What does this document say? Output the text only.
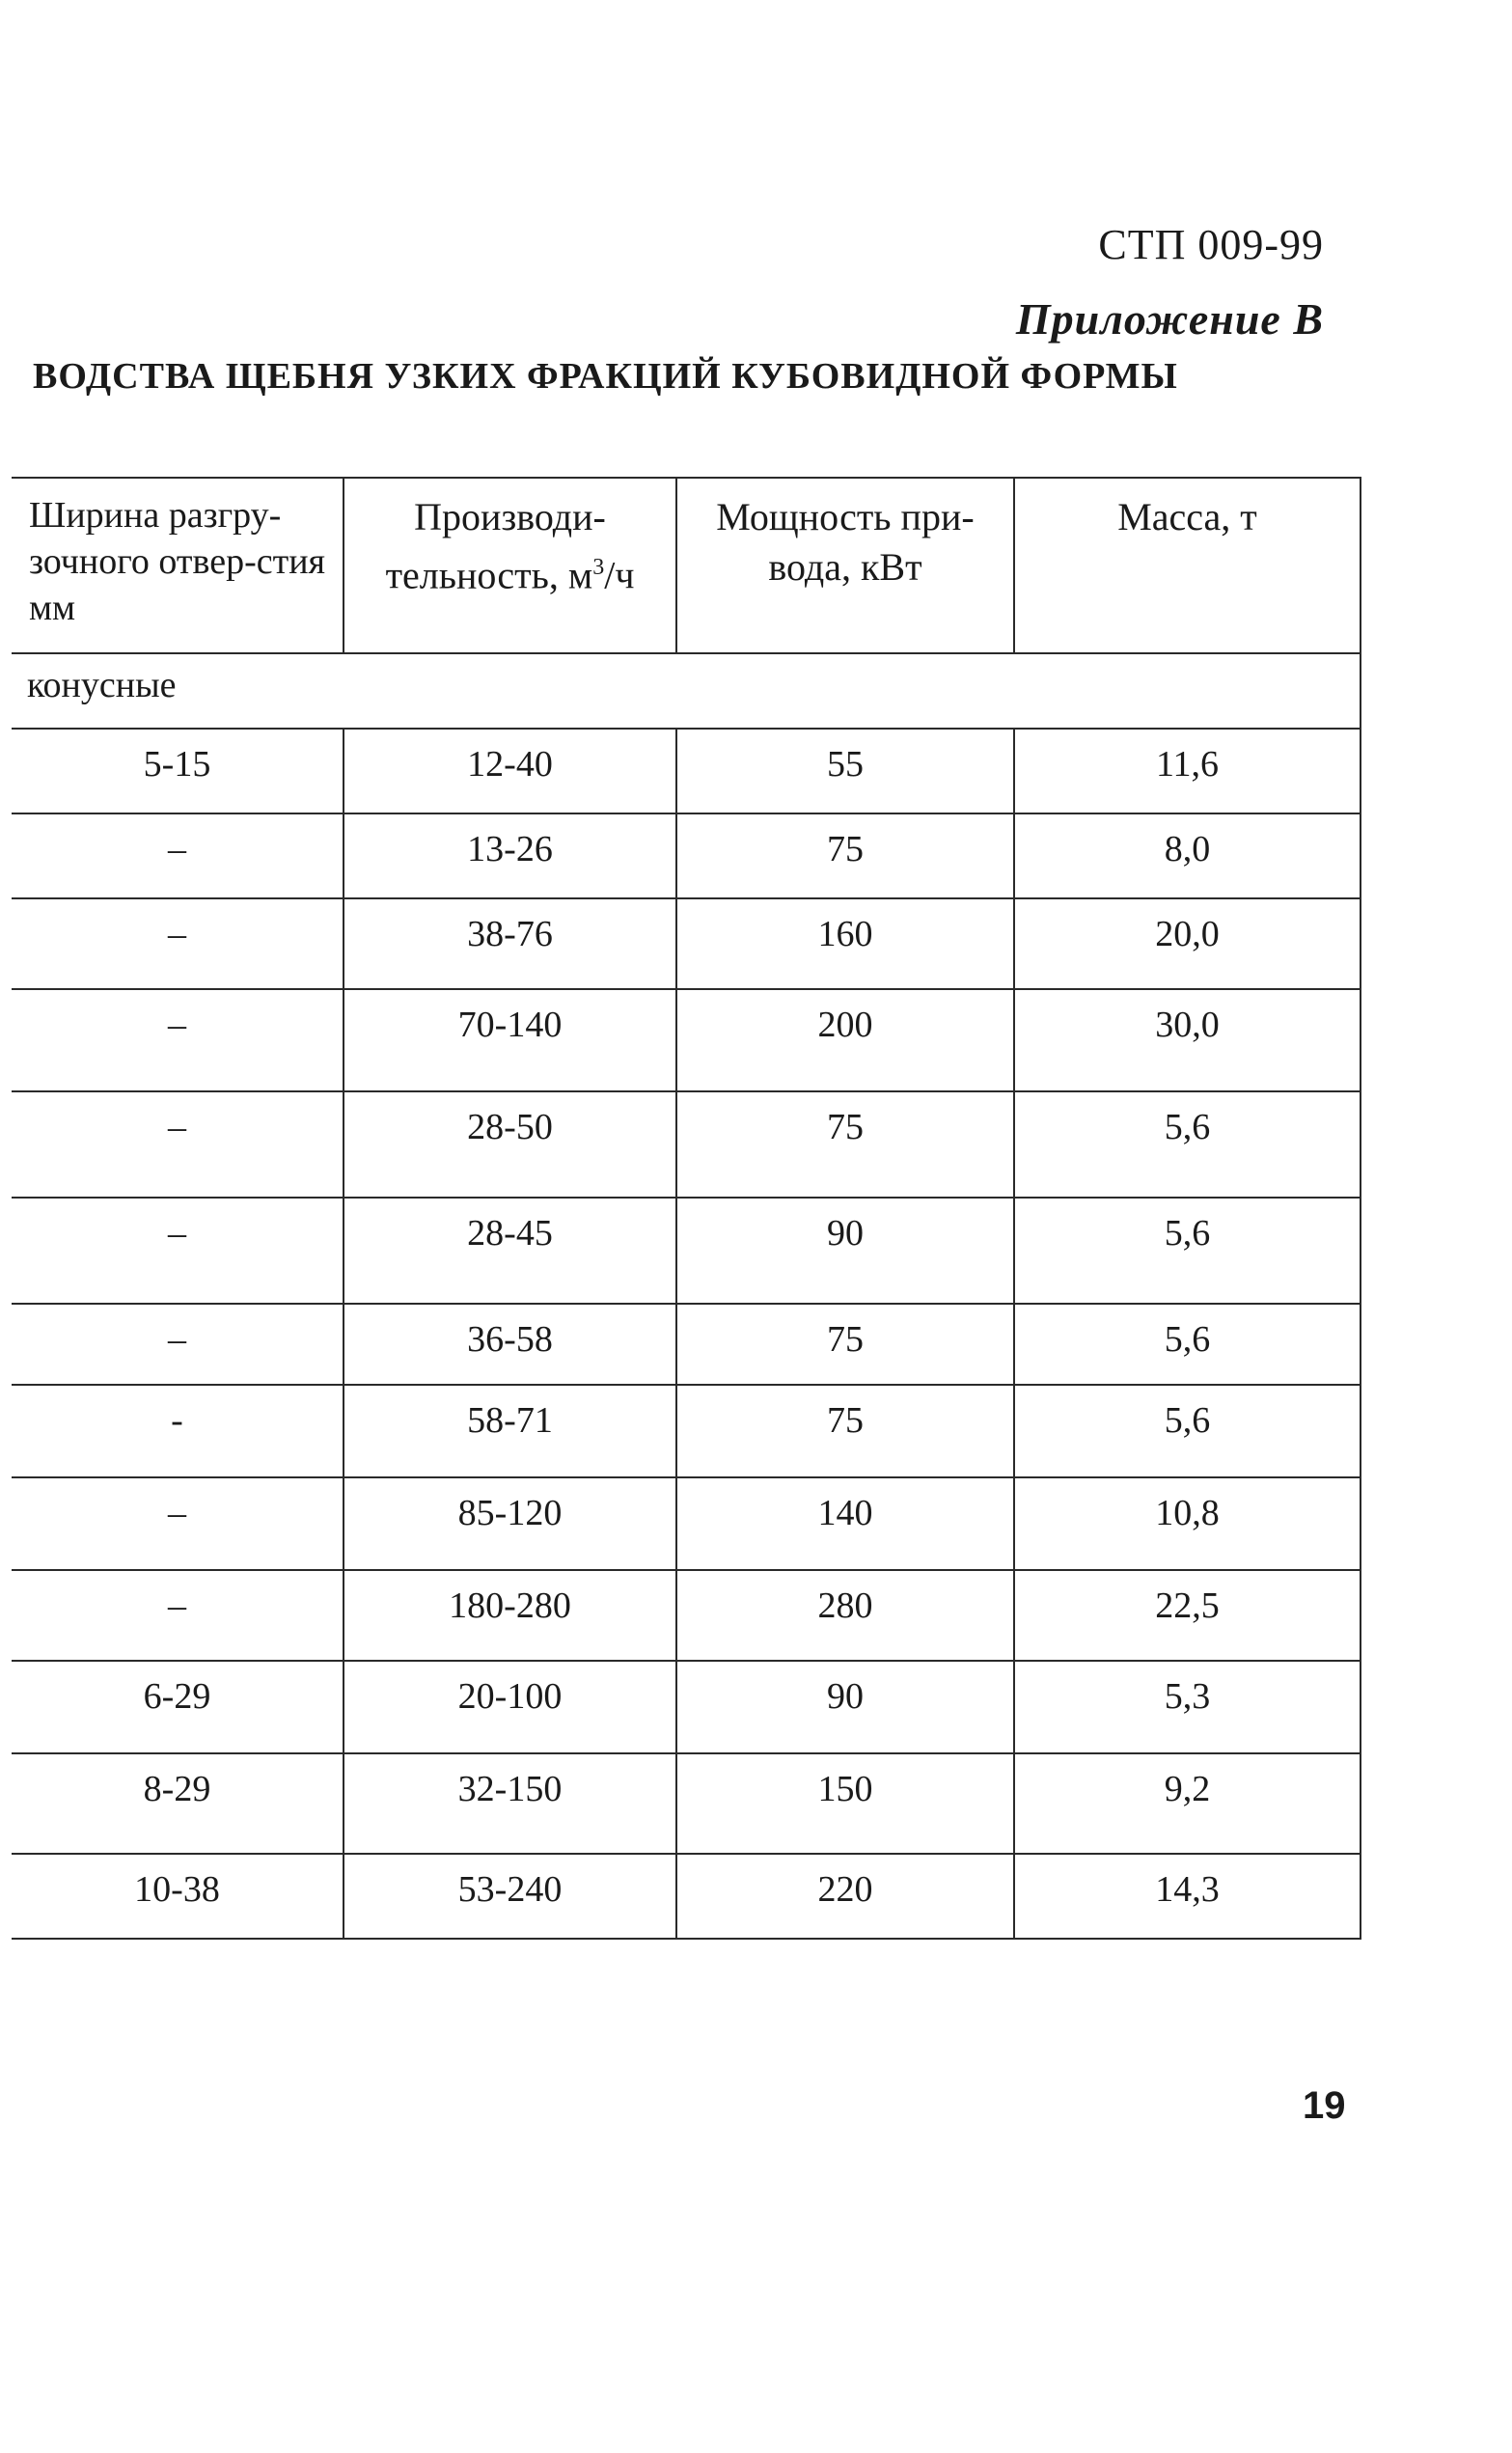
СТП 009-99
Приложение В
ВОДСТВА ЩЕБНЯ УЗКИХ ФРАКЦИЙ КУБОВИДНОЙ ФОРМЫ
Ширина разгру-зочного отвер-стия мм	Производи-тельность, $м^3/ч$	Мощность при-вода, кВт	Масса, т
конусные			
5-15	12-40	55	11,6
–	13-26	75	8,0
–	38-76	160	20,0
–	70-140	200	30,0
–	28-50	75	5,6
–	28-45	90	5,6
–	36-58	75	5,6
-	58-71	75	5,6
–	85-120	140	10,8
–	180-280	280	22,5
6-29	20-100	90	5,3
8-29	32-150	150	9,2
10-38	53-240	220	14,3
19
